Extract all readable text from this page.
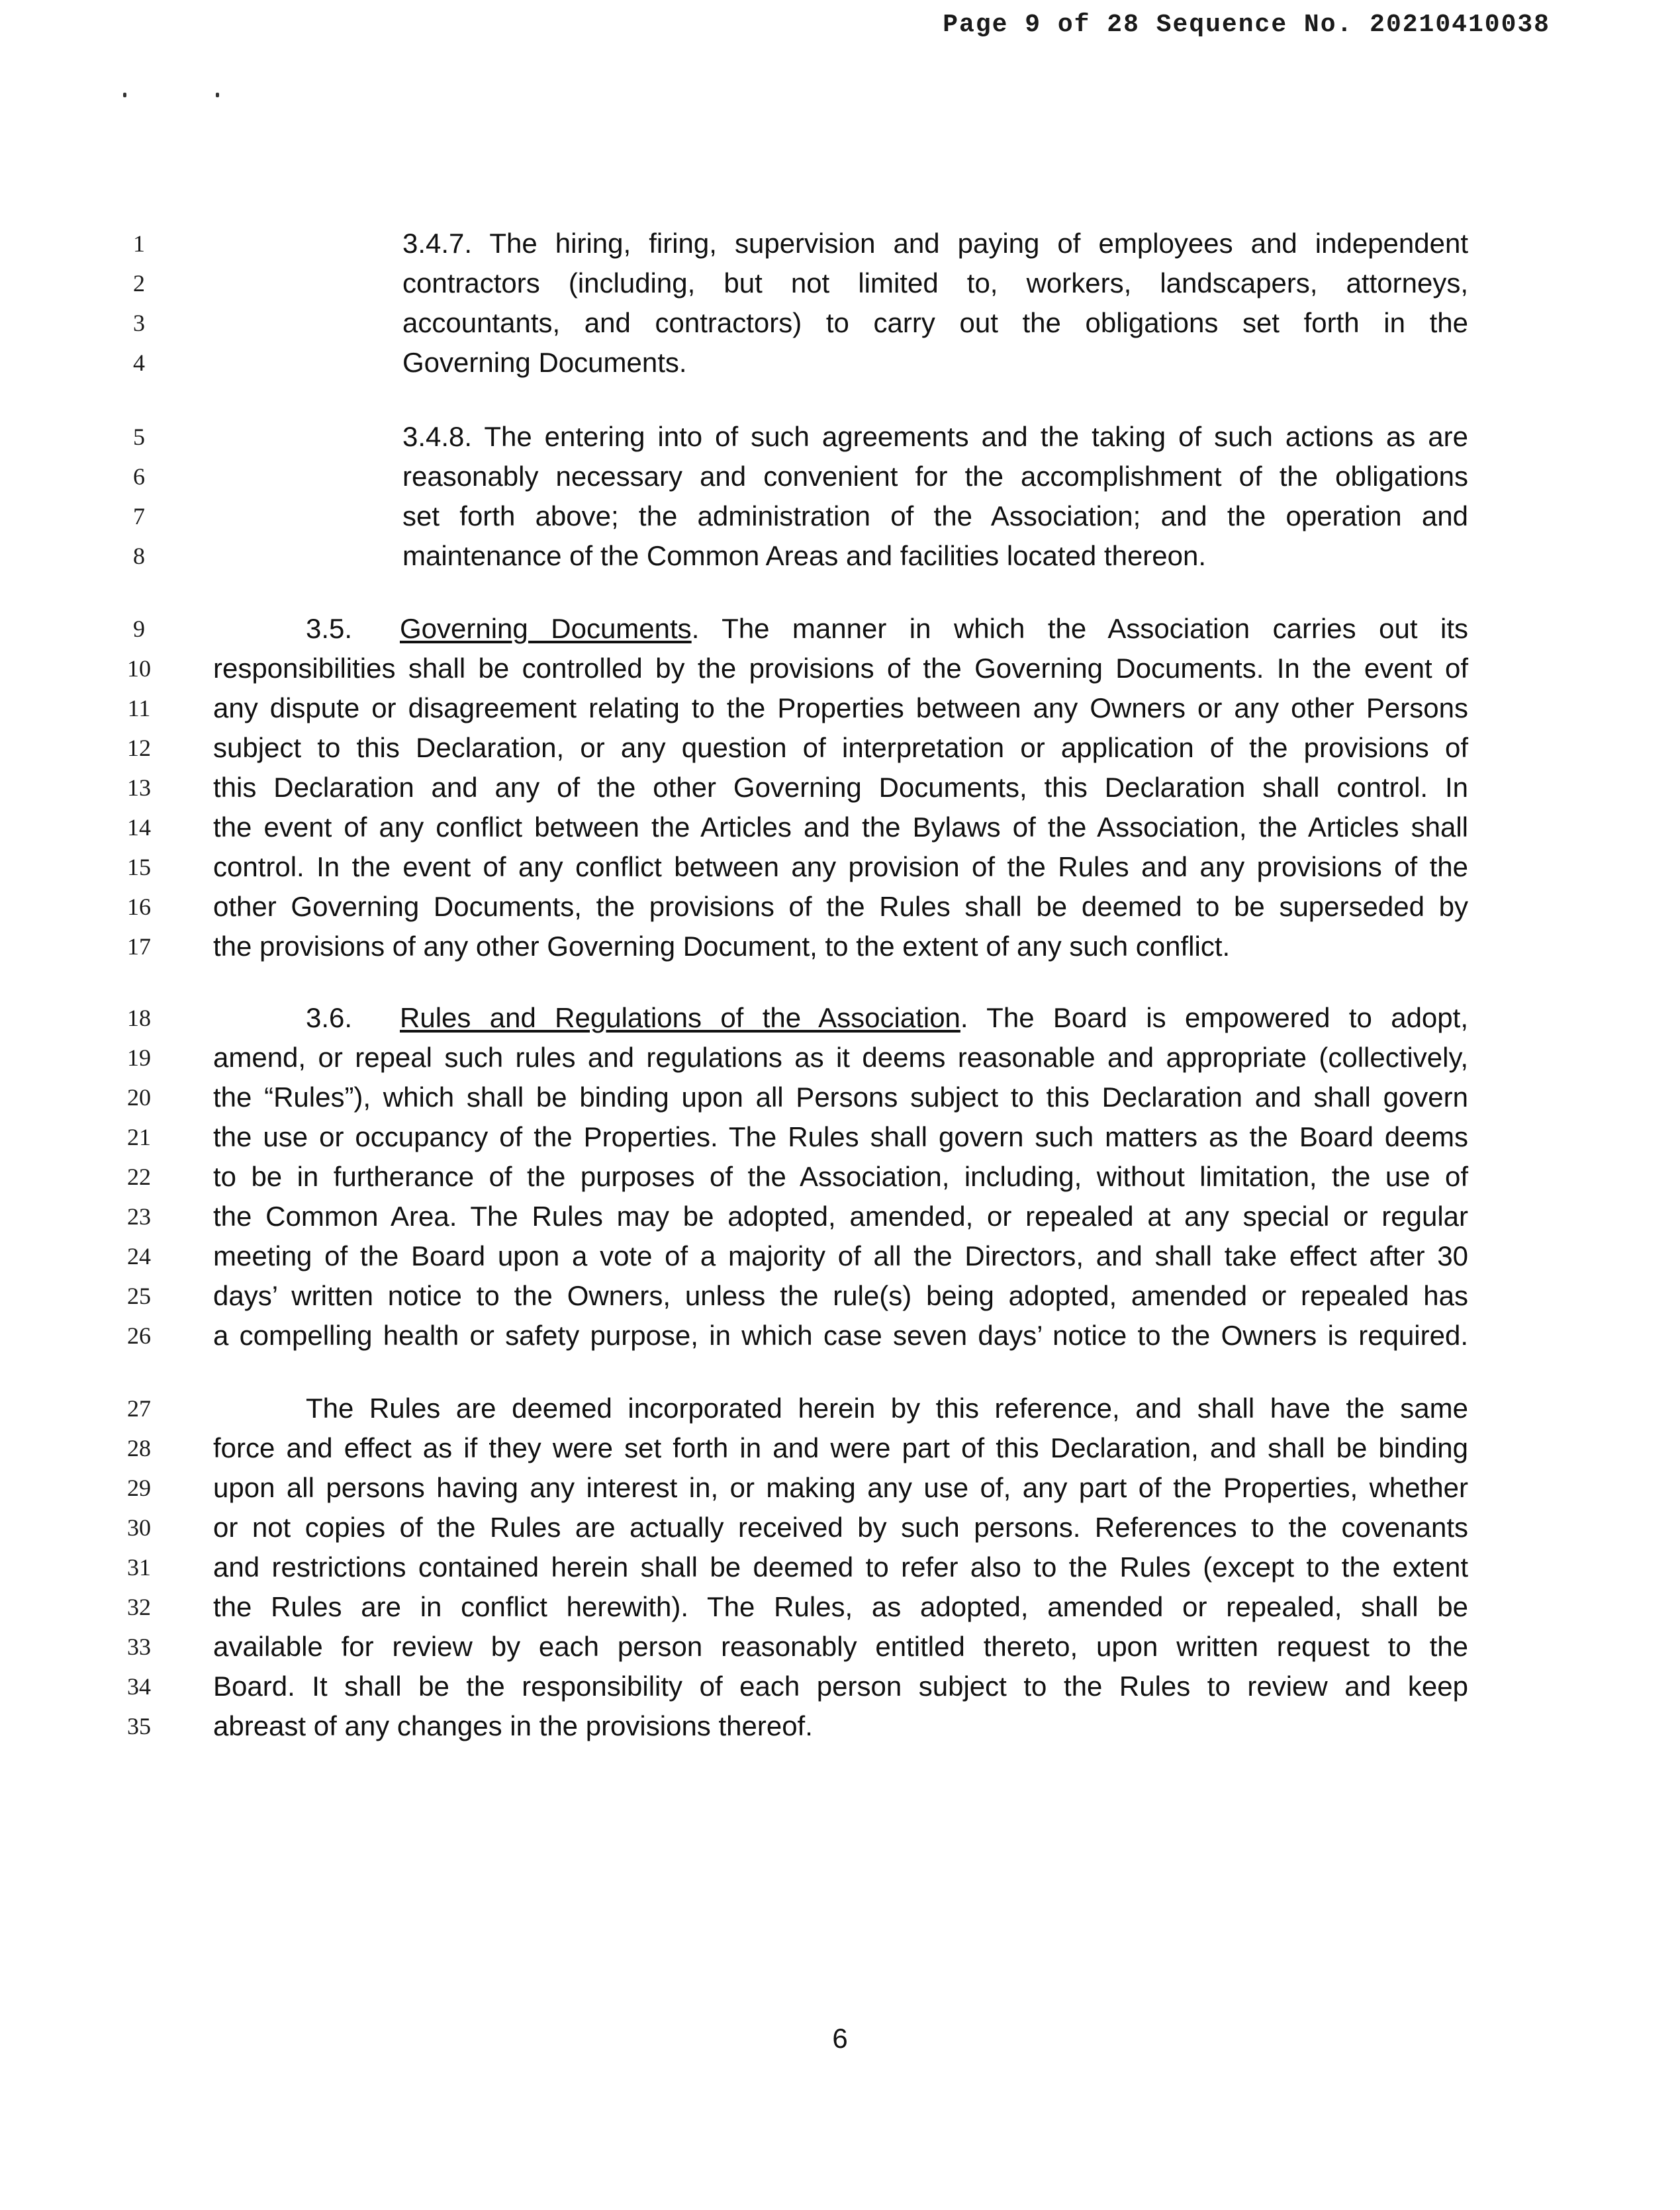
Page 9 of 28 Sequence No. 20210410038
1	3.4.7. The hiring, firing, supervision and paying of employees and independent
2	contractors (including, but not limited to, workers, landscapers, attorneys,
3	accountants, and contractors) to carry out the obligations set forth in the
4	Governing Documents.
5	3.4.8. The entering into of such agreements and the taking of such actions as are
6	reasonably necessary and convenient for the accomplishment of the obligations
7	set forth above; the administration of the Association; and the operation and
8	maintenance of the Common Areas and facilities located thereon.
9	3.5. Governing Documents. The manner in which the Association carries out its
10	responsibilities shall be controlled by the provisions of the Governing Documents. In the event of
11	any dispute or disagreement relating to the Properties between any Owners or any other Persons
12	subject to this Declaration, or any question of interpretation or application of the provisions of
13	this Declaration and any of the other Governing Documents, this Declaration shall control. In
14	the event of any conflict between the Articles and the Bylaws of the Association, the Articles shall
15	control. In the event of any conflict between any provision of the Rules and any provisions of the
16	other Governing Documents, the provisions of the Rules shall be deemed to be superseded by
17	the provisions of any other Governing Document, to the extent of any such conflict.
18	3.6. Rules and Regulations of the Association. The Board is empowered to adopt,
19	amend, or repeal such rules and regulations as it deems reasonable and appropriate (collectively,
20	the “Rules”), which shall be binding upon all Persons subject to this Declaration and shall govern
21	the use or occupancy of the Properties. The Rules shall govern such matters as the Board deems
22	to be in furtherance of the purposes of the Association, including, without limitation, the use of
23	the Common Area. The Rules may be adopted, amended, or repealed at any special or regular
24	meeting of the Board upon a vote of a majority of all the Directors, and shall take effect after 30
25	days’ written notice to the Owners, unless the rule(s) being adopted, amended or repealed has
26	a compelling health or safety purpose, in which case seven days’ notice to the Owners is required.
27	The Rules are deemed incorporated herein by this reference, and shall have the same
28	force and effect as if they were set forth in and were part of this Declaration, and shall be binding
29	upon all persons having any interest in, or making any use of, any part of the Properties, whether
30	or not copies of the Rules are actually received by such persons. References to the covenants
31	and restrictions contained herein shall be deemed to refer also to the Rules (except to the extent
32	the Rules are in conflict herewith). The Rules, as adopted, amended or repealed, shall be
33	available for review by each person reasonably entitled thereto, upon written request to the
34	Board. It shall be the responsibility of each person subject to the Rules to review and keep
35	abreast of any changes in the provisions thereof.
6
